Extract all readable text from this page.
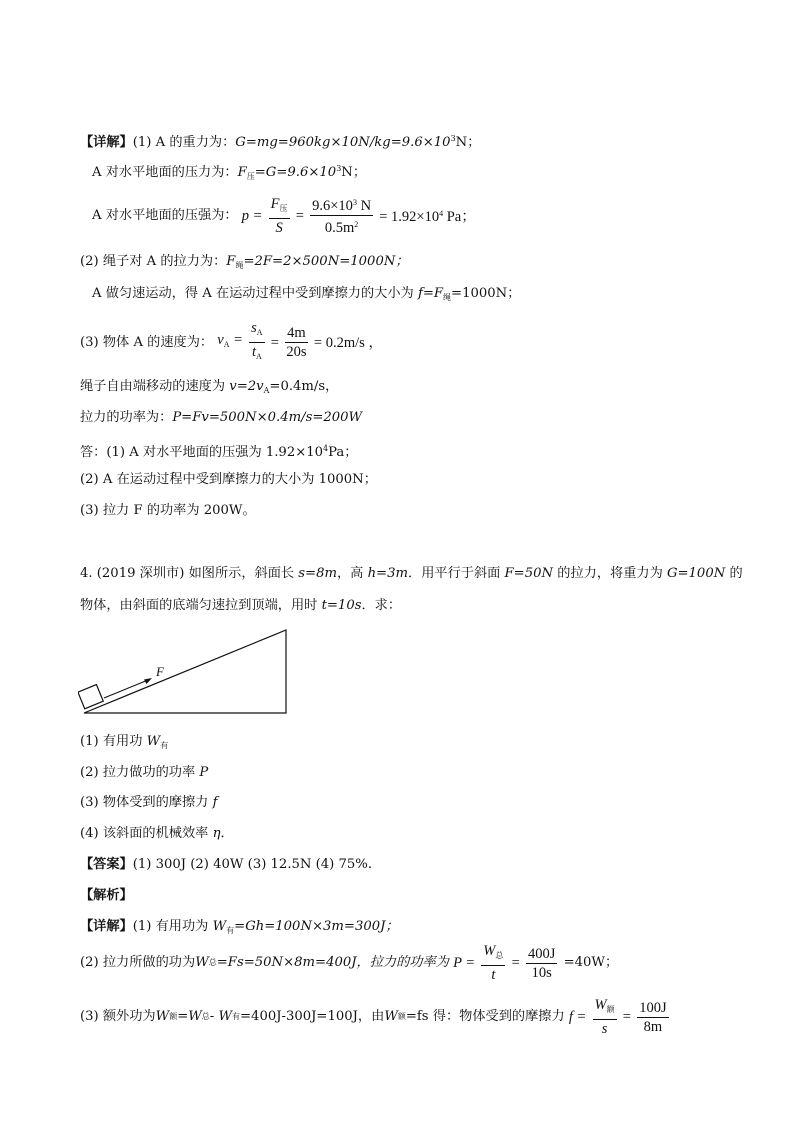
【详解】(1) A 的重力为：$G=mg=960kg\times 10N/kg=9.6\times 10^3N$；
A 对水平地面的压力为：$F_压=G=9.6\times 10^3N$；
A 对水平地面的压强为： $p = \frac{F_压}{S} = \frac{9.6\times 10^3 N}{0.5m^2} = 1.92\times 10^4$ Pa；
(2) 绳子对 A 的拉力为：$F_绳=2F=2\times 500N=1000N$；
A 做匀速运动，得 A 在运动过程中受到摩擦力的大小为 $f=F_绳=1000N$；
(3) 物体 A 的速度为： $v_A = \frac{s_A}{t_A} = \frac{4m}{20s} = 0.2m/s$ ，
绳子自由端移动的速度为 $v=2v_A=0.4m/s$，
拉力的功率为：P=Fv=500N×0.4m/s=200W
答：(1) A 对水平地面的压强为 $1.92\times 10^4Pa$；
(2) A 在运动过程中受到摩擦力的大小为 1000N；
(3) 拉力 F 的功率为 200W。
4. (2019 深圳市) 如图所示，斜面长 s=8m，高 h=3m．用平行于斜面 F=50N 的拉力，将重力为 G=100N 的
物体，由斜面的底端匀速拉到顶端，用时 t=10s．求：
F
(1) 有用功 $W_有$
(2) 拉力做功的功率 P
(3) 物体受到的摩擦力 f
(4) 该斜面的机械效率 η．
【答案】(1) 300J (2) 40W (3) 12.5N (4) 75%.
【解析】
【详解】(1) 有用功为 $W_有=Gh=100N\times 3m=300J$；
(2) 拉力所做的功为W总=Fs=50N×8m=400J，拉力的功率为 $P = \frac{W_总}{t} = \frac{400J}{10s} =40W$；
(3) 额外功为W额=W总- W有=400J-300J=100J，由W额=fs 得：物体受到的摩擦力 $f = \frac{W_额}{s} = \frac{100J}{8m}$
